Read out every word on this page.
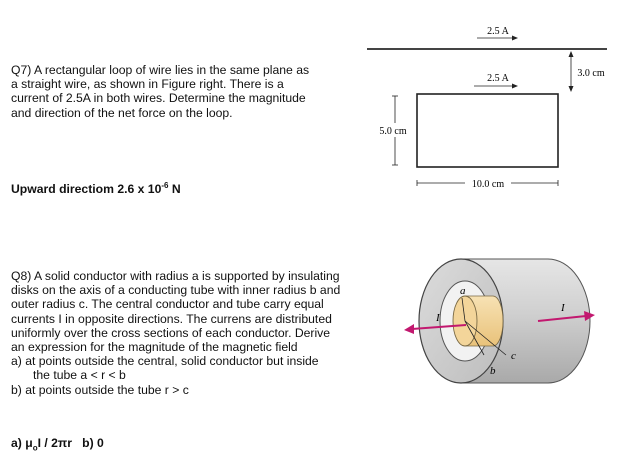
Q7) A rectangular loop of wire lies in the same plane as

a straight wire, as shown in Figure right. There is a

current of 2.5A in both wires. Determine the magnitude

and direction of the net force on the loop.

Upward directiom 2.6 x $10^{-6}$ N
2.5 A
2.5 A	3.0 cm
5.0 cm
10.0 cm

Q8) A solid conductor with radius a is supported by insulating

disks on the axis of a conducting tube with inner radius b and

outer radius c. The central conductor and tube carry equal

currents I in opposite directions. The currens are distributed

uniformly over the cross sections of each conductor. Derive

an expression for the magnitude of the magnetic field

a) at points outside the central, solid conductor but inside
the tube a < r < b
b) at points outside the tube r > c
a) $\mu_oI / 2\pi r$ b) 0
a
b
c
I
I
